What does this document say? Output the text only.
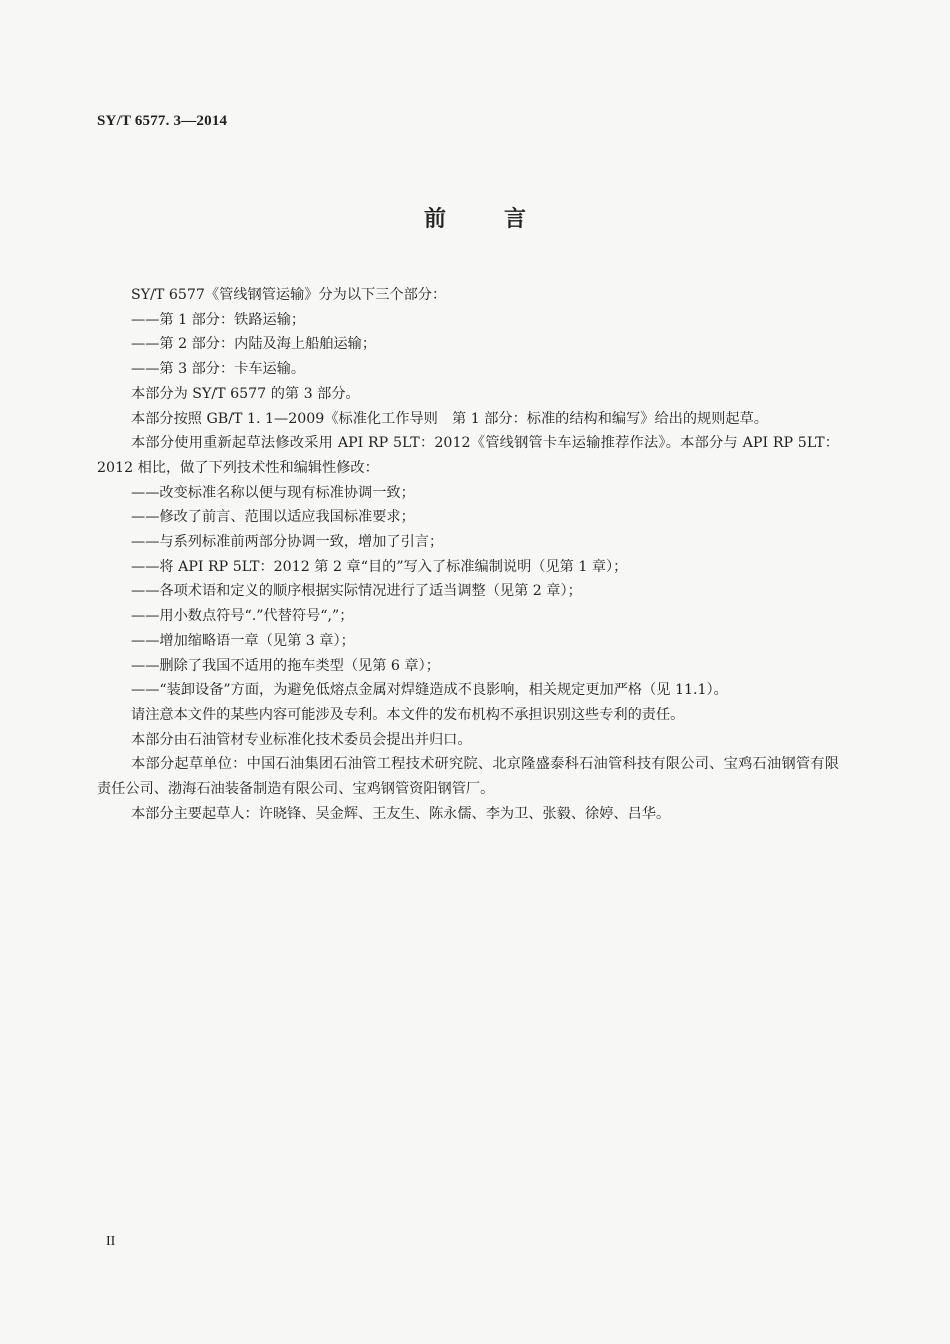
SY/T 6577. 3—2014
前	言

SY/T 6577《管线钢管运输》分为以下三个部分：

——第 1 部分：铁路运输；

——第 2 部分：内陆及海上船舶运输；

——第 3 部分：卡车运输。

本部分为 SY/T 6577 的第 3 部分。

本部分按照 GB/T 1. 1—2009《标准化工作导则　第 1 部分：标准的结构和编写》给出的规则起草。

本部分使用重新起草法修改采用 API RP 5LT：2012《管线钢管卡车运输推荐作法》。本部分与 API RP 5LT：2012 相比，做了下列技术性和编辑性修改：

——改变标准名称以便与现有标准协调一致；

——修改了前言、范围以适应我国标准要求；

——与系列标准前两部分协调一致，增加了引言；

——将 API RP 5LT：2012 第 2 章“目的”写入了标准编制说明（见第 1 章）；

——各项术语和定义的顺序根据实际情况进行了适当调整（见第 2 章）；

——用小数点符号“.”代替符号“,”；

——增加缩略语一章（见第 3 章）；

——删除了我国不适用的拖车类型（见第 6 章）；

——“装卸设备”方面，为避免低熔点金属对焊缝造成不良影响，相关规定更加严格（见 11.1）。

请注意本文件的某些内容可能涉及专利。本文件的发布机构不承担识别这些专利的责任。

本部分由石油管材专业标准化技术委员会提出并归口。

本部分起草单位：中国石油集团石油管工程技术研究院、北京隆盛泰科石油管科技有限公司、宝鸡石油钢管有限责任公司、渤海石油装备制造有限公司、宝鸡钢管资阳钢管厂。

本部分主要起草人：许晓锋、吴金辉、王友生、陈永儒、李为卫、张毅、徐婷、吕华。

II
